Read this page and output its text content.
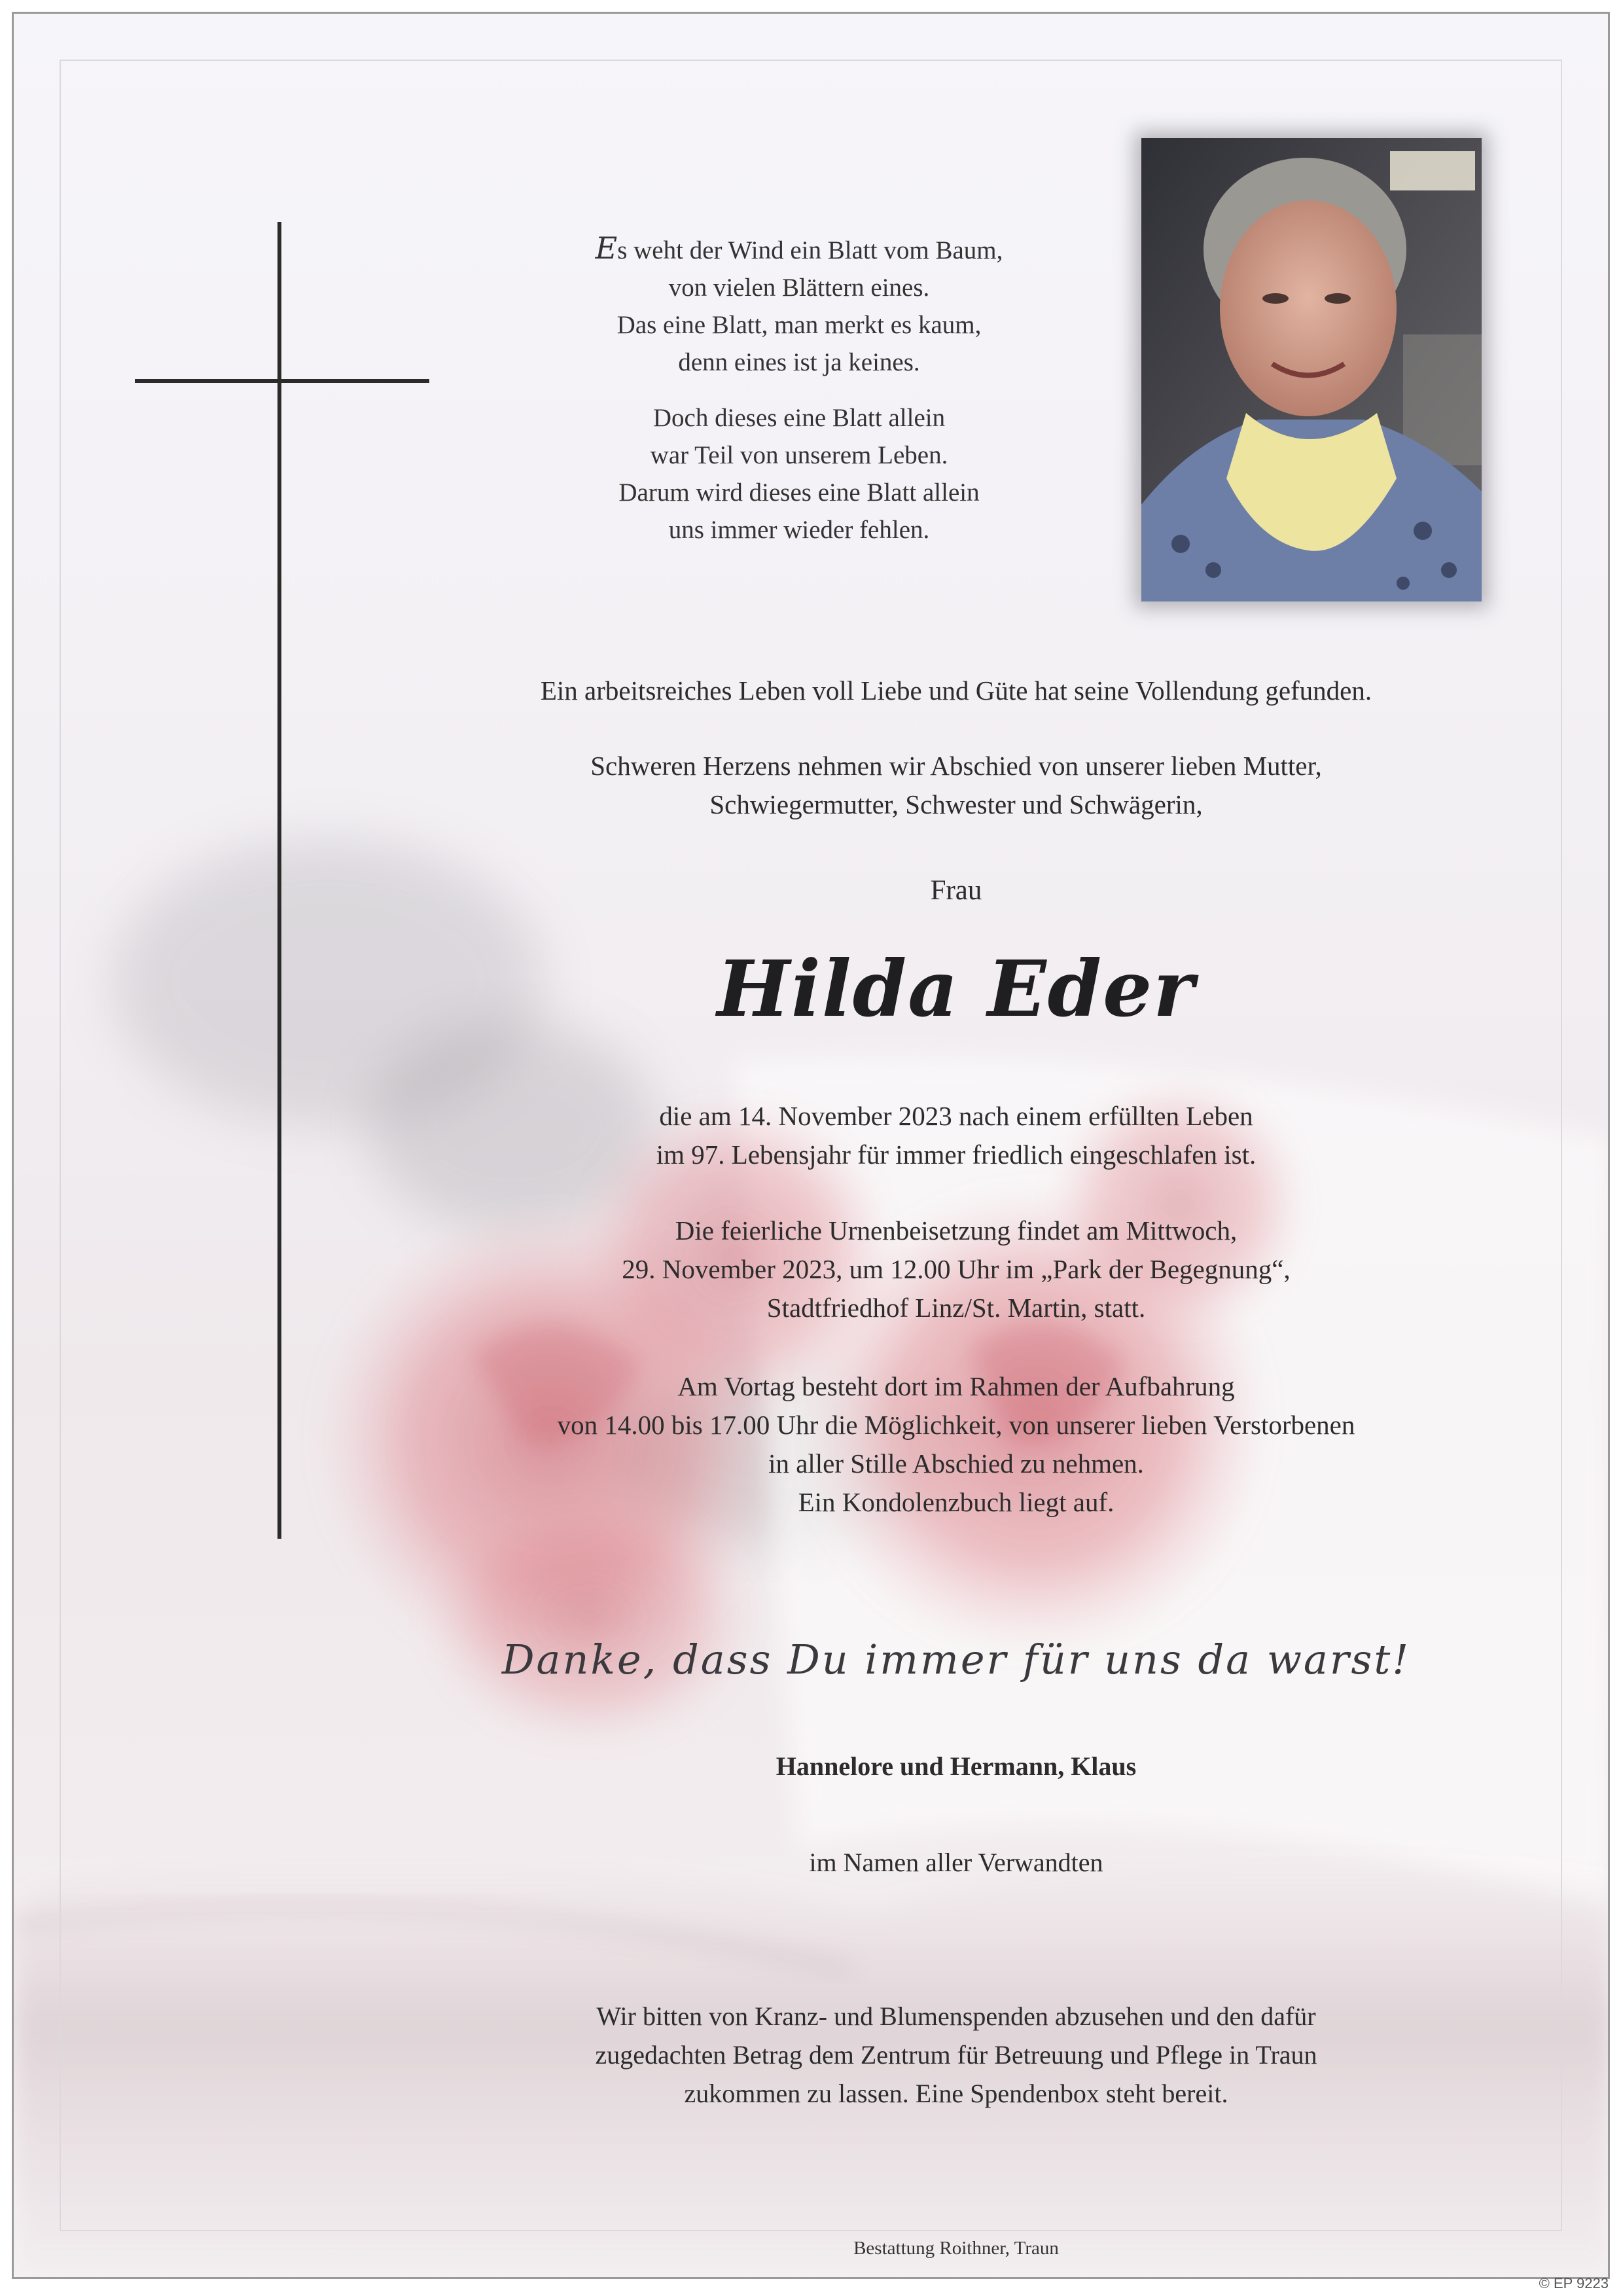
Es weht der Wind ein Blatt vom Baum,
von vielen Blättern eines.
Das eine Blatt, man merkt es kaum,
denn eines ist ja keines.
Doch dieses eine Blatt allein
war Teil von unserem Leben.
Darum wird dieses eine Blatt allein
uns immer wieder fehlen.
Ein arbeitsreiches Leben voll Liebe und Güte hat seine Vollendung gefunden.
Schweren Herzens nehmen wir Abschied von unserer lieben Mutter,
Schwiegermutter, Schwester und Schwägerin,
Frau
Hilda Eder
die am 14. November 2023 nach einem erfüllten Leben
im 97. Lebensjahr für immer friedlich eingeschlafen ist.
Die feierliche Urnenbeisetzung findet am Mittwoch,
29. November 2023, um 12.00 Uhr im „Park der Begegnung“,
Stadtfriedhof Linz/St. Martin, statt.
Am Vortag besteht dort im Rahmen der Aufbahrung
von 14.00 bis 17.00 Uhr die Möglichkeit, von unserer lieben Verstorbenen
in aller Stille Abschied zu nehmen.
Ein Kondolenzbuch liegt auf.
Danke, dass Du immer für uns da warst!
Hannelore und Hermann, Klaus
im Namen aller Verwandten
Wir bitten von Kranz- und Blumenspenden abzusehen und den dafür
zugedachten Betrag dem Zentrum für Betreuung und Pflege in Traun
zukommen zu lassen. Eine Spendenbox steht bereit.
Bestattung Roithner, Traun
© EP 9223
